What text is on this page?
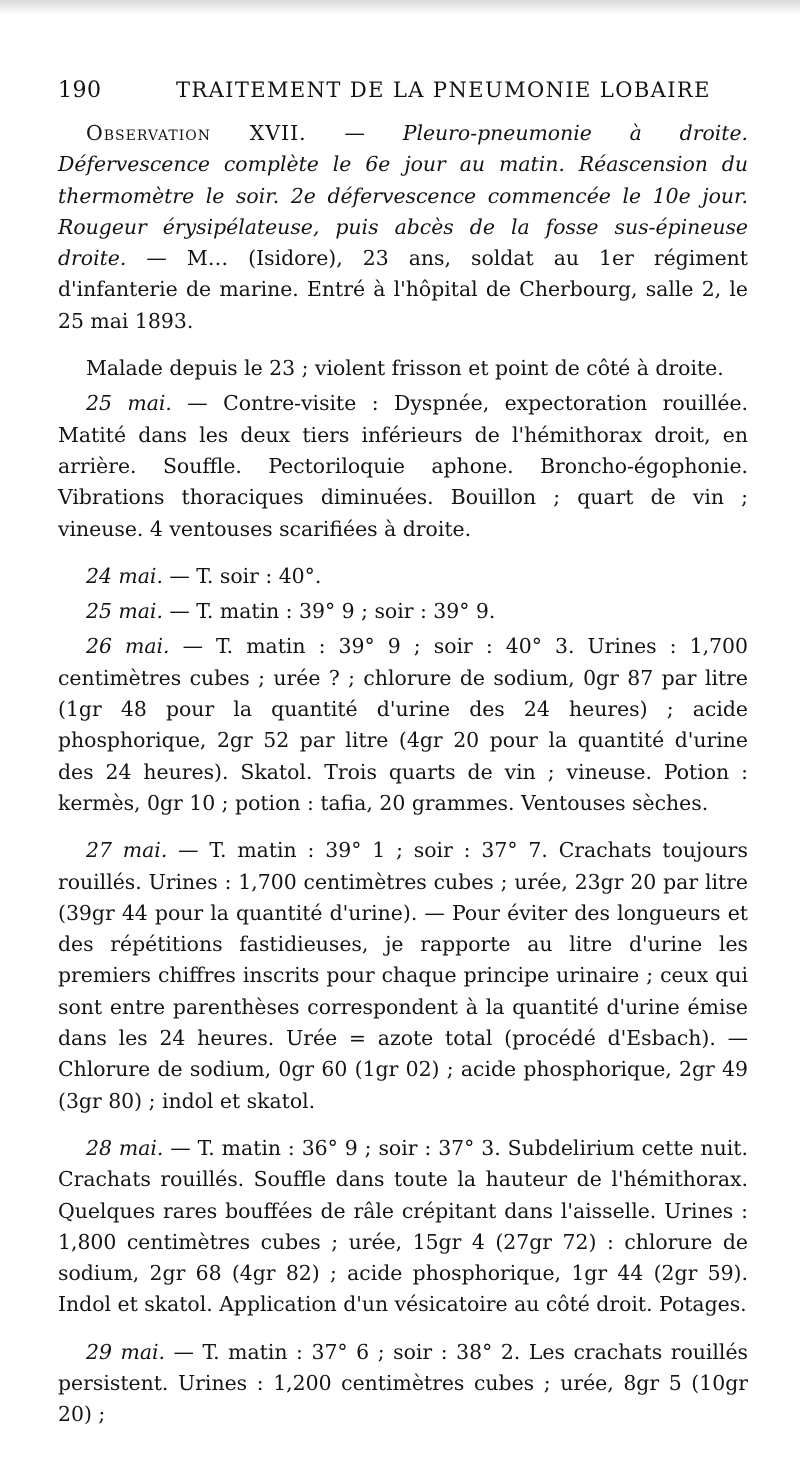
190	TRAITEMENT DE LA PNEUMONIE LOBAIRE

Observation XVII. — Pleuro-pneumonie à droite. Défervescence complète le 6e jour au matin. Réascension du thermomètre le soir. 2e défervescence commencée le 10e jour. Rougeur érysipélateuse, puis abcès de la fosse sus-épineuse droite. — M… (Isidore), 23 ans, soldat au 1er régiment d'infanterie de marine. Entré à l'hôpital de Cherbourg, salle 2, le 25 mai 1893.

Malade depuis le 23 ; violent frisson et point de côté à droite.

25 mai. — Contre-visite : Dyspnée, expectoration rouillée. Matité dans les deux tiers inférieurs de l'hémithorax droit, en arrière. Souffle. Pectoriloquie aphone. Broncho-égophonie. Vibrations thoraciques diminuées. Bouillon ; quart de vin ; vineuse. 4 ventouses scarifiées à droite.

24 mai. — T. soir : 40°.

25 mai. — T. matin : 39° 9 ; soir : 39° 9.

26 mai. — T. matin : 39° 9 ; soir : 40° 3. Urines : 1,700 centimètres cubes ; urée ? ; chlorure de sodium, 0gr 87 par litre (1gr 48 pour la quantité d'urine des 24 heures) ; acide phosphorique, 2gr 52 par litre (4gr 20 pour la quantité d'urine des 24 heures). Skatol. Trois quarts de vin ; vineuse. Potion : kermès, 0gr 10 ; potion : tafia, 20 grammes. Ventouses sèches.

27 mai. — T. matin : 39° 1 ; soir : 37° 7. Crachats toujours rouillés. Urines : 1,700 centimètres cubes ; urée, 23gr 20 par litre (39gr 44 pour la quantité d'urine). — Pour éviter des longueurs et des répétitions fastidieuses, je rapporte au litre d'urine les premiers chiffres inscrits pour chaque principe urinaire ; ceux qui sont entre parenthèses correspondent à la quantité d'urine émise dans les 24 heures. Urée = azote total (procédé d'Esbach). — Chlorure de sodium, 0gr 60 (1gr 02) ; acide phosphorique, 2gr 49 (3gr 80) ; indol et skatol.

28 mai. — T. matin : 36° 9 ; soir : 37° 3. Subdelirium cette nuit. Crachats rouillés. Souffle dans toute la hauteur de l'hémithorax. Quelques rares bouffées de râle crépitant dans l'aisselle. Urines : 1,800 centimètres cubes ; urée, 15gr 4 (27gr 72) : chlorure de sodium, 2gr 68 (4gr 82) ; acide phosphorique, 1gr 44 (2gr 59). Indol et skatol. Application d'un vésicatoire au côté droit. Potages.

29 mai. — T. matin : 37° 6 ; soir : 38° 2. Les crachats rouillés persistent. Urines : 1,200 centimètres cubes ; urée, 8gr 5 (10gr 20) ;
